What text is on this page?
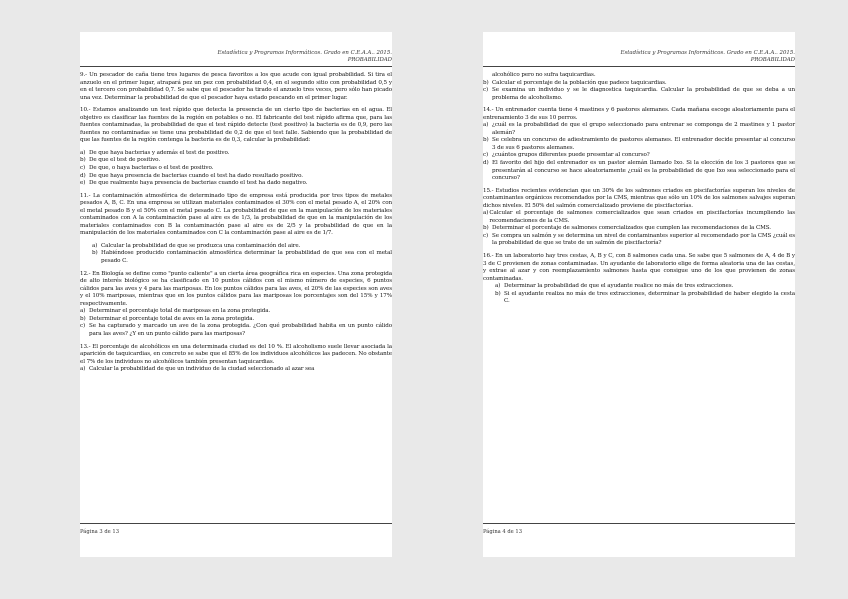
Estadística y Programas Informáticos. Grado en C.E.A.A.. 2015.
PROBABILIDAD
9.- Un pescador de caña tiene tres lugares de pesca favoritos a los que acude con igual probabilidad. Si tira el anzuelo en el primer lugar, atrapará pez un pez con probabilidad 0,4, en el segundo sitio con probabilidad 0,5 y en el tercero con probabilidad 0,7. Se sabe que el pescador ha tirado el anzuelo tres veces, pero sólo han picado una vez. Determinar la probabilidad de que el pescador haya estado pescando en el primer lugar.
10.- Estamos analizando un test rápido que detecta la presencia de un cierto tipo de bacterias en el agua. El objetivo es clasificar las fuentes de la región en potables o no. El fabricante del test rápido afirma que, para las fuentes contaminadas, la probabilidad de que el test rápido detecte (test positivo) la bacteria es de 0,9, pero las fuentes no contaminadas se tiene una probabilidad de 0,2 de que el test falle. Sabiendo que la probabilidad de que las fuentes de la región contenga la bacteria es de 0,3, calcular la probabilidad:
a) De que haya bacterias y además el test de positivo.
b) De que el test de positivo.
c) De que, o haya bacterias o el test de positivo.
d) De que haya presencia de bacterias cuando el test ha dado resultado positivo.
e) De que realmente haya presencia de bacterias cuando el test ha dado negativo.
11.- La contaminación atmosférica de determinado tipo de empresa está producida por tres tipos de metales pesados A, B, C. En una empresa se utilizan materiales contaminados el 30% con el metal pesado A, el 20% con el metal pesado B y el 50% con el metal pesado C. La probabilidad de que en la manipulación de los materiales contaminados con A la contaminación pase al aire es de 1/3, la probabilidad de que en la manipulación de los materiales contaminados con B la contaminación pase al aire es de 2/5 y la probabilidad de que en la manipulación de los materiales contaminados con C la contaminación pase al aire es de 1/7.
a) Calcular la probabilidad de que se produzca una contaminación del aire.
b) Habiéndose producido contaminación atmosférica determinar la probabilidad de que sea con el metal pesado C.
12.- En Biología se define como "punto caliente" a un cierta área geográfica rica en especies. Una zona protegida de alto interés biológico se ha clasificado en 10 puntos cálidos con el mismo número de especies, 6 puntos cálidos para las aves y 4 para las mariposas. En los puntos cálidos para las aves, el 20% de las especies son aves y el 10% mariposas, mientras que en los puntos cálidos para las mariposas los porcentajes son del 15% y 17% respectivamente.
a) Determinar el porcentaje total de mariposas en la zona protegida.
b) Determinar el porcentaje total de aves en la zona protegida.
c) Se ha capturado y marcado un ave de la zona protegida. ¿Con qué probabilidad habita en un punto cálido para las aves? ¿Y en un punto cálido para las mariposas?
13.- El porcentaje de alcohólicos en una determinada ciudad es del 10 %. El alcoholismo suele llevar asociada la aparición de taquicardias, en concreto se sabe que el 85% de los individuos alcohólicos las padecen. No obstante el 7% de los individuos no alcohólicos también presentan taquicardias.
a) Calcular la probabilidad de que un individuo de la ciudad seleccionado al azar sea
Página 3 de 13
Estadística y Programas Informáticos. Grado en C.E.A.A.. 2015.
PROBABILIDAD
alcohólico pero no sufra taquicardias.
b) Calcular el porcentaje de la población que padece taquicardias.
c) Se examina un individuo y se le diagnostica taquicardia. Calcular la probabilidad de que se deba a un problema de alcoholismo.
14.- Un entrenador cuenta tiene 4 mastines y 6 pastores alemanes. Cada mañana escoge aleatoriamente para el entrenamiento 3 de sus 10 perros.
a) ¿cuál es la probabilidad de que el grupo seleccionado para entrenar se componga de 2 mastines y 1 pastor alemán?
b) Se celebra un concurso de adiestramiento de pastores alemanes. El entrenador decide presentar al concurso 3 de sus 6 pastores alemanes.
c) ¿cuántos grupos diferentes puede presentar al concurso?
d) El favorito del hijo del entrenador es un pastor alemán llamado Ixo. Si la elección de los 3 pastores que se presentarán al concurso se hace aleatoriamente ¿cuál es la probabilidad de que Ixo sea seleccionado para el concurso?
15.- Estudios recientes evidencian que un 30% de los salmones criados en piscifactorías superan los niveles de contaminantes orgánicos recomendados por la CMS, mientras que sólo un 10% de los salmones salvajes superan dichos niveles. El 50% del salmón comercializado proviene de piscifactorías.
a) Calcular el porcentaje de salmones comercializados que sean criados en piscifactorías incumpliendo las recomendaciones de la CMS.
b) Determinar el porcentaje de salmones comercializados que cumplen las recomendaciones de la CMS.
c) Se compra un salmón y se determina un nivel de contaminantes superior al recomendado por la CMS ¿cuál es la probabilidad de que se trate de un salmón de piscifactoría?
16.- En un laboratorio hay tres cestas, A, B y C, con 8 salmones cada una. Se sabe que 5 salmones de A, 4 de B y 3 de C provienen de zonas contaminadas. Un ayudante de laboratorio elige de forma aleatoria una de las cestas, y extrae al azar y con reemplazamiento salmones hasta que consigue uno de los que provienen de zonas contaminadas.
a) Determinar la probabilidad de que el ayudante realice no más de tres extracciones.
b) Si el ayudante realiza no más de tres extracciones, determinar la probabilidad de haber elegido la cesta C.
Página 4 de 13
